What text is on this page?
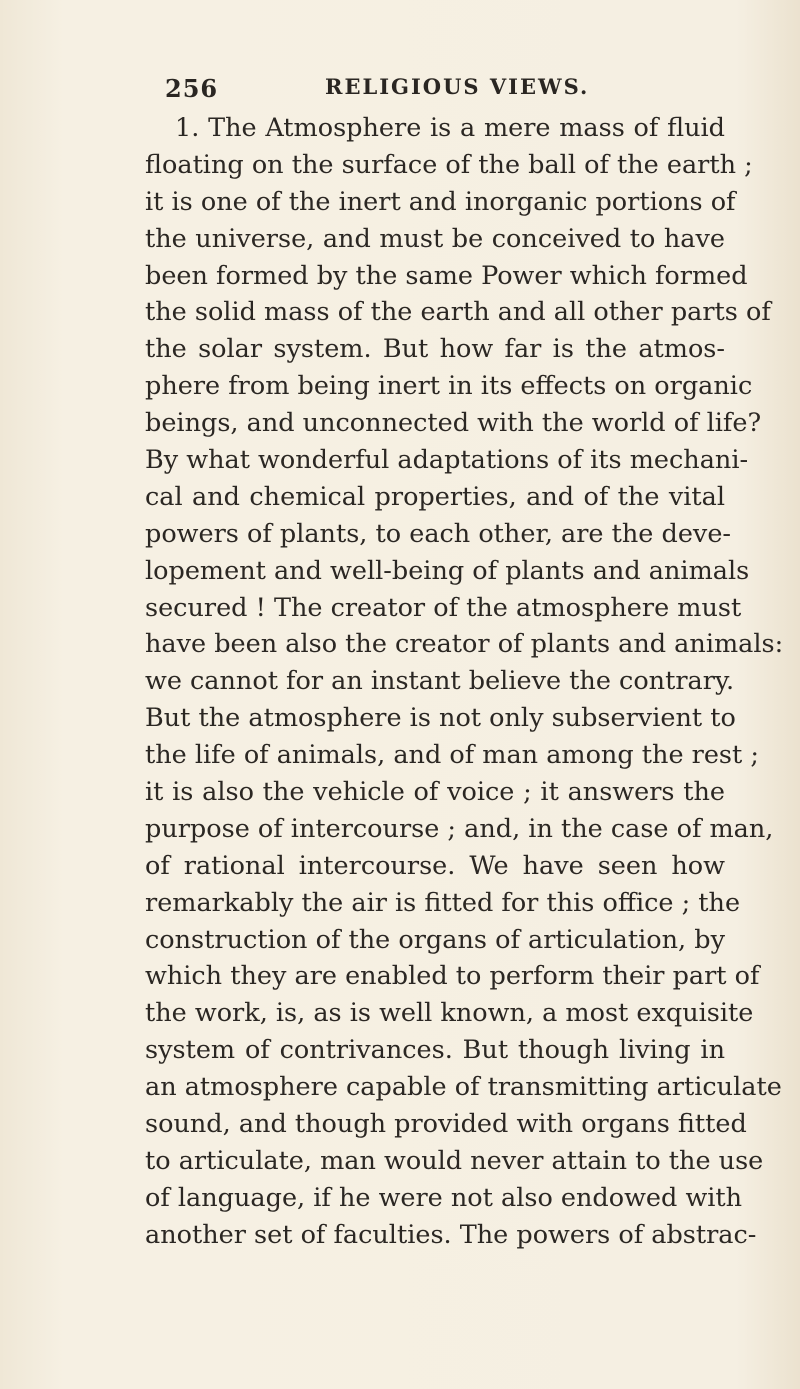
256	RELIGIOUS VIEWS.
1. The Atmosphere is a mere mass of fluid
floating on the surface of the ball of the earth ;
it is one of the inert and inorganic portions of
the universe, and must be conceived to have
been formed by the same Power which formed
the solid mass of the earth and all other parts of
the solar system. But how far is the atmos-
phere from being inert in its effects on organic
beings, and unconnected with the world of life?
By what wonderful adaptations of its mechani-
cal and chemical properties, and of the vital
powers of plants, to each other, are the deve-
lopement and well-being of plants and animals
secured ! The creator of the atmosphere must
have been also the creator of plants and animals:
we cannot for an instant believe the contrary.
But the atmosphere is not only subservient to
the life of animals, and of man among the rest ;
it is also the vehicle of voice ; it answers the
purpose of intercourse ; and, in the case of man,
of rational intercourse. We have seen how
remarkably the air is fitted for this office ; the
construction of the organs of articulation, by
which they are enabled to perform their part of
the work, is, as is well known, a most exquisite
system of contrivances. But though living in
an atmosphere capable of transmitting articulate
sound, and though provided with organs fitted
to articulate, man would never attain to the use
of language, if he were not also endowed with
another set of faculties. The powers of abstrac-
